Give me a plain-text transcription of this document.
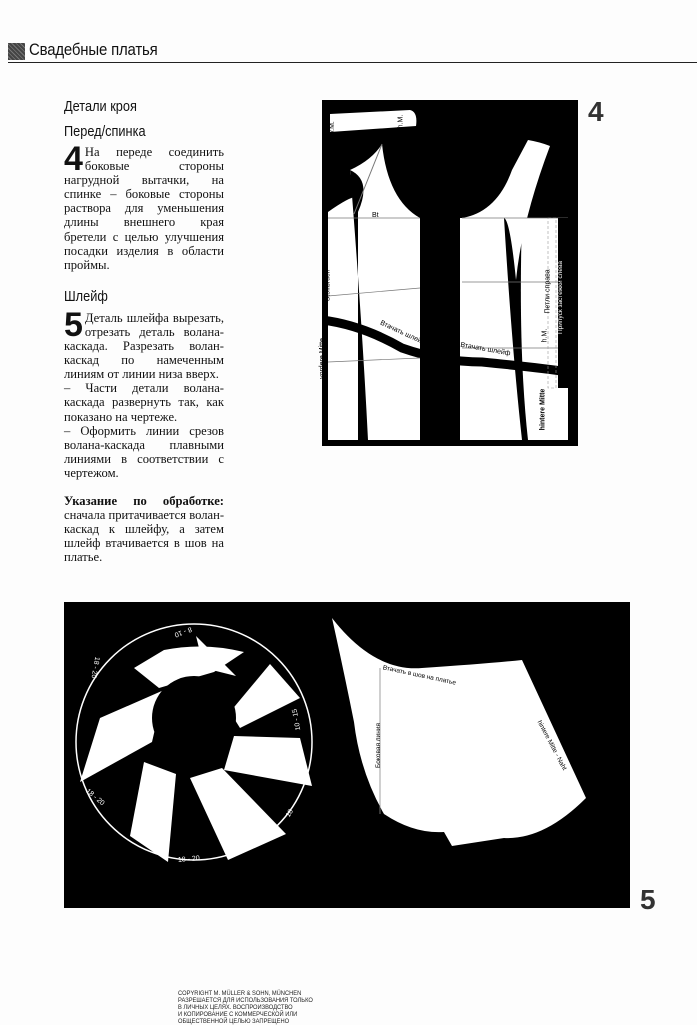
Свадебные платья
Детали кроя
Перед/спинка
4 На переде соединить боковые стороны нагрудной вытачки, на спинке – боковые стороны раствора для уменьшения длины внешнего края бретели с целью улучшения посадки изделия в области проймы.
Шлейф
5 Деталь шлейфа вырезать, отрезать деталь волана-каскада. Разрезать волан-каскад по намеченным линиям от линии низа вверх.
– Части детали волана-каскада развернуть так, как показано на чертеже.
– Оформить линии срезов волана-каскада плавными линиями в соответствии с чертежом.
Указание по обработке: сначала притачивается волан-каскад к шлейфу, а затем шлейф втачивается в шов на платье.
v.M.	h.M.
Bt
Stoffbruch
vordere Mitte
Втачать шлейф
Втачать шлейф
Петли справа
h.M.
Припуск застежки слева
hintere Mitte
4
8 - 10
18 - 20
10 - 15
18 - 20
18
18 - 20
Втачать в шов на платье
Боковая линия	hintere Mitte - Naht
5
COPYRIGHT M. MÜLLER & SOHN, MÜNCHEN
РАЗРЕШАЕТСЯ ДЛЯ ИСПОЛЬЗОВАНИЯ ТОЛЬКО
В ЛИЧНЫХ ЦЕЛЯХ. ВОСПРОИЗВОДСТВО
И КОПИРОВАНИЕ С КОММЕРЧЕСКОЙ ИЛИ
ОБЩЕСТВЕННОЙ ЦЕЛЬЮ ЗАПРЕЩЕНО
